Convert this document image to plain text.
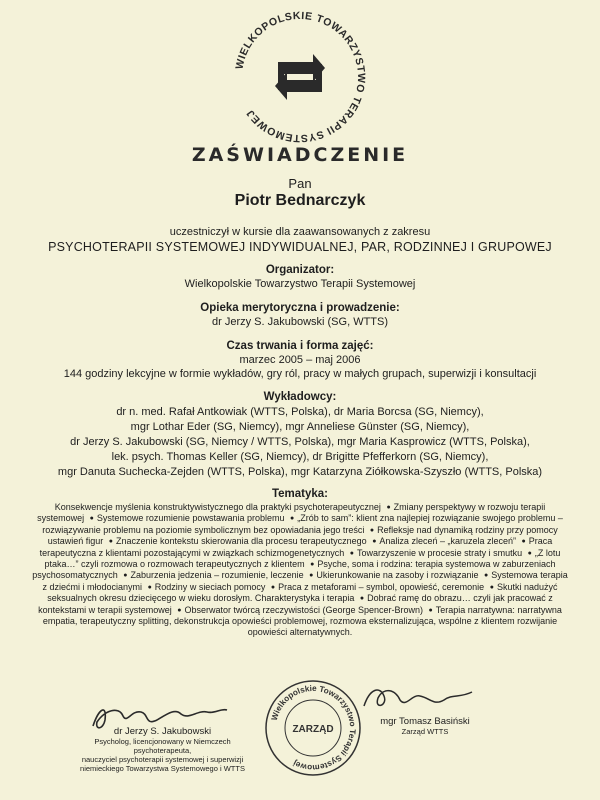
WIELKOPOLSKIE TOWARZYSTWO TERAPII SYSTEMOWEJ
ZAŚWIADCZENIE
Pan
Piotr Bednarczyk
uczestniczył w kursie dla zaawansowanych z zakresu
PSYCHOTERAPII SYSTEMOWEJ INDYWIDUALNEJ, PAR, RODZINNEJ I GRUPOWEJ
Organizator:
Wielkopolskie Towarzystwo Terapii Systemowej
Opieka merytoryczna i prowadzenie:
dr Jerzy S. Jakubowski (SG, WTTS)
Czas trwania i forma zajęć:
marzec 2005 – maj 2006
144 godziny lekcyjne w formie wykładów, gry ról, pracy w małych grupach, superwizji i konsultacji
Wykładowcy:
dr n. med. Rafał Antkowiak (WTTS, Polska), dr Maria Borcsa (SG, Niemcy),
mgr Lothar Eder (SG, Niemcy), mgr Anneliese Günster (SG, Niemcy),
dr Jerzy S. Jakubowski (SG, Niemcy / WTTS, Polska), mgr Maria Kasprowicz (WTTS, Polska),
lek. psych. Thomas Keller (SG, Niemcy), dr Brigitte Pfefferkorn (SG, Niemcy),
mgr Danuta Suchecka-Zejden (WTTS, Polska), mgr Katarzyna Ziółkowska-Szyszło (WTTS, Polska)
Tematyka:
Konsekwencje myślenia konstruktywistycznego dla praktyki psychoterapeutycznej ● Zmiany perspektywy w rozwoju terapii systemowej ● Systemowe rozumienie powstawania problemu ● „Zrób to sam”: klient zna najlepiej rozwiązanie swojego problemu – rozwiązywanie problemu na poziomie symbolicznym bez opowiadania jego treści ● Refleksje nad dynamiką rodziny przy pomocy ustawień figur ● Znaczenie kontekstu skierowania dla procesu terapeutycznego ● Analiza zleceń – „karuzela zleceń” ● Praca terapeutyczna z klientami pozostającymi w związkach schizmogenetycznych ● Towarzyszenie w procesie straty i smutku ● „Z lotu ptaka…” czyli rozmowa o rozmowach terapeutycznych z klientem ● Psyche, soma i rodzina: terapia systemowa w zaburzeniach psychosomatycznych ● Zaburzenia jedzenia – rozumienie, leczenie ● Ukierunkowanie na zasoby i rozwiązanie ● Systemowa terapia z dziećmi i młodocianymi ● Rodziny w sieciach pomocy ● Praca z metaforami – symbol, opowieść, ceremonie ● Skutki nadużyć seksualnych okresu dziecięcego w wieku dorosłym. Charakterystyka i terapia ● Dobrać ramę do obrazu… czyli jak pracować z kontekstami w terapii systemowej ● Obserwator twórcą rzeczywistości (George Spencer-Brown) ● Terapia narratywna: narratywna empatia, terapeutyczny splitting, dekonstrukcja opowieści problemowej, rozmowa eksternalizująca, wspólne z klientem rozwijanie opowieści alternatywnych.
dr Jerzy S. Jakubowski
Psycholog, licencjonowany w Niemczech psychoterapeuta,
nauczyciel psychoterapii systemowej i superwizji
niemieckiego Towarzystwa Systemowego i WTTS
Wielkopolskie Towarzystwo Terapii Systemowej
ZARZĄD
mgr Tomasz Basiński
Zarząd WTTS
